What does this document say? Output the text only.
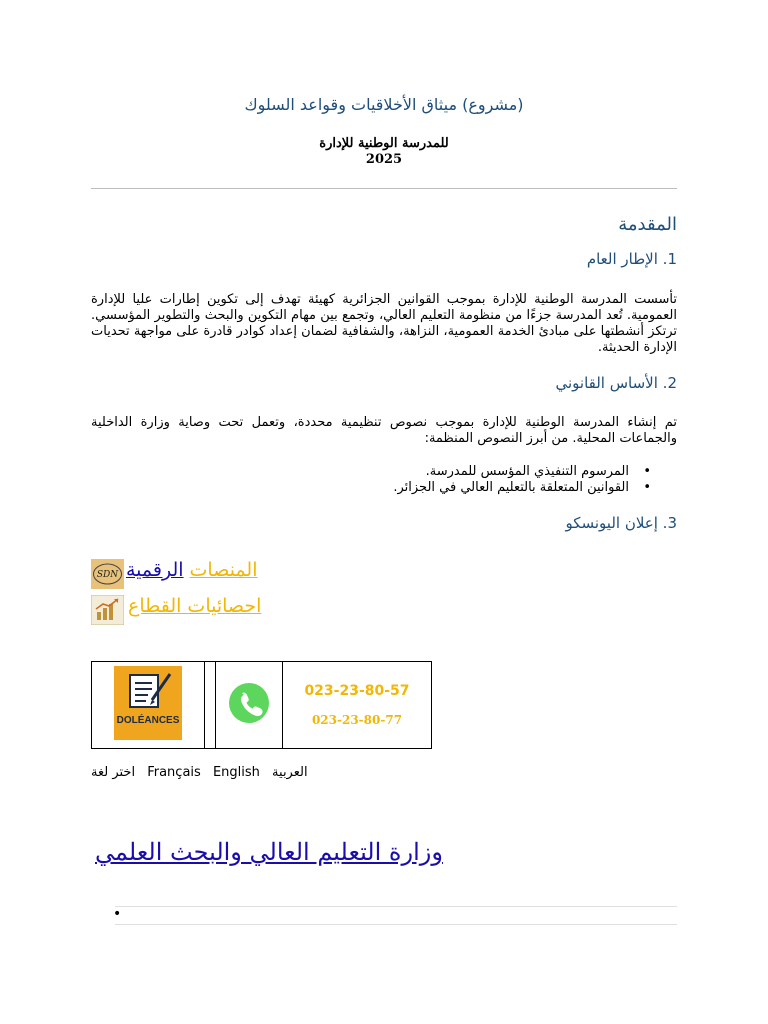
(مشروع) ميثاق الأخلاقيات وقواعد السلوك
للمدرسة الوطنية للإدارة
2025
المقدمة
1. الإطار العام
تأسست المدرسة الوطنية للإدارة بموجب القوانين الجزائرية كهيئة تهدف إلى تكوين إطارات عليا للإدارة العمومية. تُعد المدرسة جزءًا من منظومة التعليم العالي، وتجمع بين مهام التكوين والبحث والتطوير المؤسسي. ترتكز أنشطتها على مبادئ الخدمة العمومية، النزاهة، والشفافية لضمان إعداد كوادر قادرة على مواجهة تحديات الإدارة الحديثة.
2. الأساس القانوني
تم إنشاء المدرسة الوطنية للإدارة بموجب نصوص تنظيمية محددة، وتعمل تحت وصاية وزارة الداخلية والجماعات المحلية. من أبرز النصوص المنظمة:
• المرسوم التنفيذي المؤسس للمدرسة.
• القوانين المتعلقة بالتعليم العالي في الجزائر.
3. إعلان اليونسكو
SDN الرقمية المنصات
احصائيات القطاع
DOLÉANCES

023-23-80-57
023-23-80-77
اختر لغة Français English العربية
وزارة التعليم العالي والبحث العلمي
•
